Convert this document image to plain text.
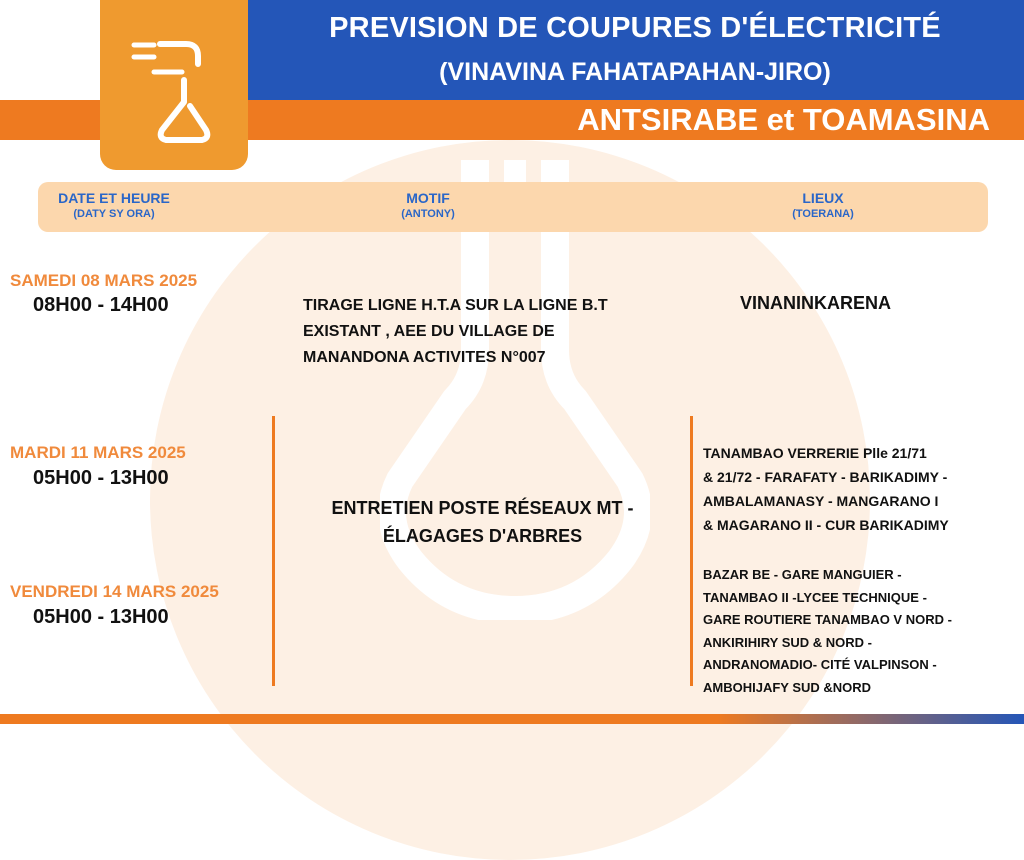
PREVISION DE COUPURES D'ÉLECTRICITÉ
(VINAVINA FAHATAPAHAN-JIRO)
ANTSIRABE et TOAMASINA
DATE ET HEURE
(DATY SY ORA)
MOTIF
(ANTONY)
LIEUX
(TOERANA)
SAMEDI 08 MARS 2025
08H00 - 14H00	TIRAGE LIGNE H.T.A SUR LA LIGNE B.T
EXISTANT , AEE DU VILLAGE DE
MANANDONA ACTIVITES N°007
VINANINKARENA
MARDI 11 MARS 2025
05H00 - 13H00
ENTRETIEN POSTE RÉSEAUX MT -
ÉLAGAGES D'ARBRES
TANAMBAO VERRERIE Plle 21/71
& 21/72 - FARAFATY - BARIKADIMY -
AMBALAMANASY - MANGARANO I
& MAGARANO II - CUR BARIKADIMY
VENDREDI 14 MARS 2025
05H00 - 13H00
BAZAR BE - GARE MANGUIER -
TANAMBAO II -LYCEE TECHNIQUE -
GARE ROUTIERE TANAMBAO V NORD -
ANKIRIHIRY SUD & NORD -
ANDRANOMADIO- CITÉ VALPINSON -
AMBOHIJAFY SUD &NORD
